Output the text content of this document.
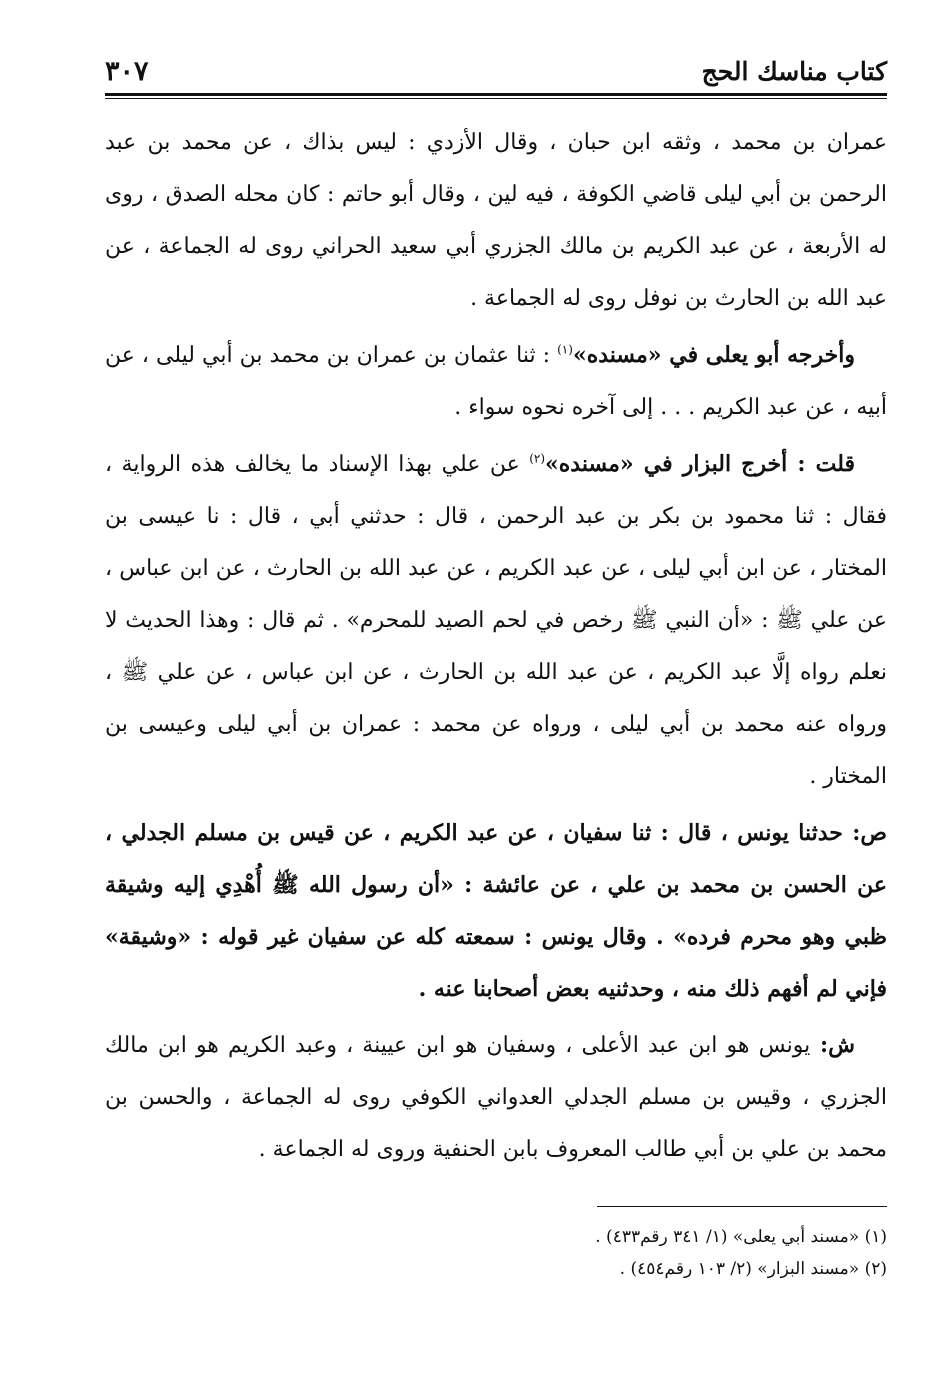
كتاب مناسك الحج
٣٠٧

عمران بن محمد ، وثقه ابن حبان ، وقال الأزدي : ليس بذاك ، عن محمد بن عبد الرحمن بن أبي ليلى قاضي الكوفة ، فيه لين ، وقال أبو حاتم : كان محله الصدق ، روى له الأربعة ، عن عبد الكريم بن مالك الجزري أبي سعيد الحراني روى له الجماعة ، عن عبد الله بن الحارث بن نوفل روى له الجماعة .

وأخرجه أبو يعلى في «مسنده»$^{(١)}$ : ثنا عثمان بن عمران بن محمد بن أبي ليلى ، عن أبيه ، عن عبد الكريم . . . إلى آخره نحوه سواء .

قلت : أخرج البزار في «مسنده»$^{(٢)}$ عن علي بهذا الإسناد ما يخالف هذه الرواية ، فقال : ثنا محمود بن بكر بن عبد الرحمن ، قال : حدثني أبي ، قال : نا عيسى بن المختار ، عن ابن أبي ليلى ، عن عبد الكريم ، عن عبد الله بن الحارث ، عن ابن عباس ، عن علي ﷺ : «أن النبي ﷺ رخص في لحم الصيد للمحرم» . ثم قال : وهذا الحديث لا نعلم رواه إلَّا عبد الكريم ، عن عبد الله بن الحارث ، عن ابن عباس ، عن علي ﷺ ، ورواه عنه محمد بن أبي ليلى ، ورواه عن محمد : عمران بن أبي ليلى وعيسى بن المختار .

ص: حدثنا يونس ، قال : ثنا سفيان ، عن عبد الكريم ، عن قيس بن مسلم الجدلي ، عن الحسن بن محمد بن علي ، عن عائشة : «أن رسول الله ﷺ أُهْدِي إليه وشيقة ظبي وهو محرم فرده» . وقال يونس : سمعته كله عن سفيان غير قوله : «وشيقة» فإني لم أفهم ذلك منه ، وحدثنيه بعض أصحابنا عنه .

ش: يونس هو ابن عبد الأعلى ، وسفيان هو ابن عيينة ، وعبد الكريم هو ابن مالك الجزري ، وقيس بن مسلم الجدلي العدواني الكوفي روى له الجماعة ، والحسن بن محمد بن علي بن أبي طالب المعروف بابن الحنفية وروى له الجماعة .

(١) «مسند أبي يعلى» (١/ ٣٤١ رقم٤٣٣) .

(٢) «مسند البزار» (٢/ ١٠٣ رقم٤٥٤) .
